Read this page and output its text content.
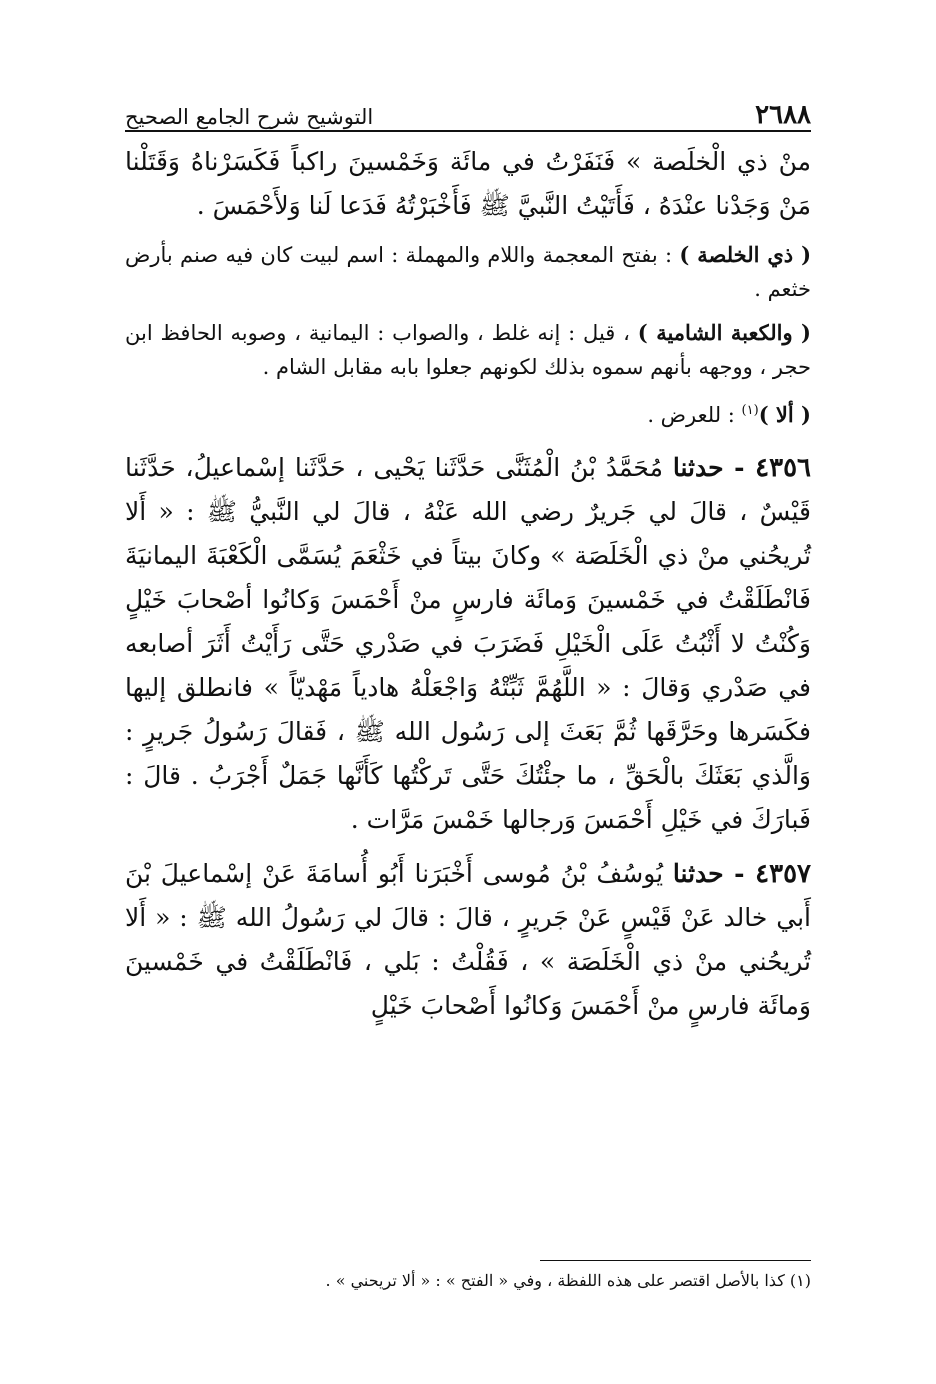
٢٦٨٨
التوشيح شرح الجامع الصحيح

منْ ذي الْخلَصة » فَنَفَرْتُ في مائَة وَخَمْسينَ راكباً فَكَسَرْناهُ وَقَتَلْنا مَنْ وَجَدْنا عنْدَهُ ، فَأَتَيْتُ النَّبيَّ ﷺ فَأَخْبَرْتُهُ فَدَعا لَنا وَلأَحْمَسَ .

( ذي الخلصة ) : بفتح المعجمة واللام والمهملة : اسم لبيت كان فيه صنم بأرض خثعم .

( والكعبة الشامية ) ، قيل : إنه غلط ، والصواب : اليمانية ، وصوبه الحافظ ابن حجر ، ووجهه بأنهم سموه بذلك لكونهم جعلوا بابه مقابل الشام .

( ألا )$^{(١)}$ : للعرض .

٤٣٥٦ - حدثنا مُحَمَّدُ بْنُ الْمُثَنَّى حَدَّثَنا يَحْيى ، حَدَّثَنا إسْماعيلُ، حَدَّثَنا قَيْسٌ ، قالَ لي جَريرٌ رضي الله عَنْهُ ، قالَ لي النَّبيُّ ﷺ : « أَلا تُريحُني منْ ذي الْخَلَصَة » وكانَ بيتاً في خَثْعَمَ يُسَمَّى الْكَعْبَةَ اليمانيَةَ فَانْطَلَقْتُ في خَمْسينَ وَمائَة فارسٍ منْ أَحْمَسَ وَكانُوا أصْحابَ خَيْلٍ وَكُنْتُ لا أَثْبُتُ عَلَى الْخَيْلِ فَضَرَبَ في صَدْري حَتَّى رَأَيْتُ أَثَرَ أصابعه في صَدْري وَقالَ : « اللَّهُمَّ ثَبِّتْهُ وَاجْعَلْهُ هادياً مَهْديّاً » فانطلق إليها فكَسَرها وحَرَّقَها ثُمَّ بَعَثَ إلى رَسُول الله ﷺ ، فَقالَ رَسُولُ جَريرٍ : وَالَّذي بَعَثَكَ بالْحَقِّ ، ما جئْتُكَ حَتَّى تَركْتُها كَأَنَّها جَمَلٌ أَجْرَبُ . قالَ : فَبارَكَ في خَيْلِ أَحْمَسَ وَرجالها خَمْسَ مَرَّات .

٤٣٥٧ - حدثنا يُوسُفُ بْنُ مُوسى أَخْبَرَنا أَبُو أُسامَةَ عَنْ إسْماعيلَ بْنَ أَبي خالد عَنْ قَيْسٍ عَنْ جَريرٍ ، قالَ : قالَ لي رَسُولُ الله ﷺ : « أَلا تُريحُني منْ ذي الْخَلَصَة » ، فَقُلْتُ : بَلي ، فَانْطَلَقْتُ في خَمْسينَ وَمائَة فارسٍ منْ أَحْمَسَ وَكانُوا أَصْحابَ خَيْلٍ

(١) كذا بالأصل اقتصر على هذه اللفظة ، وفي « الفتح » : « ألا تريحني » .
